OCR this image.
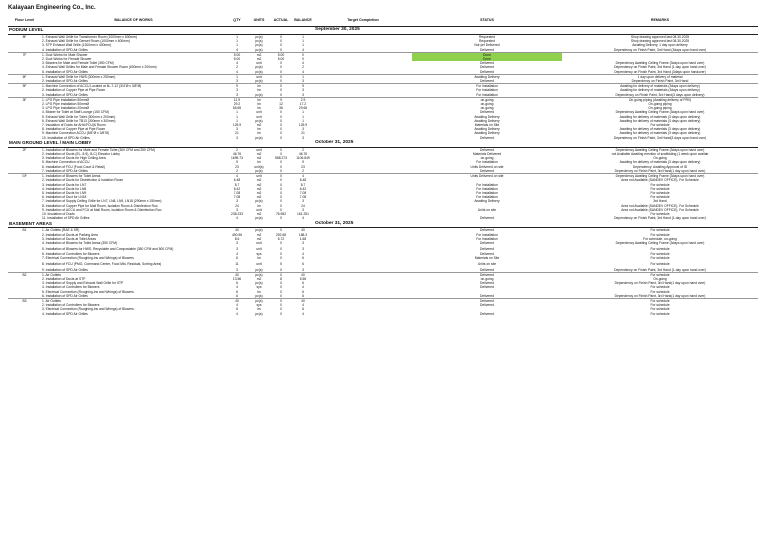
Kalayaan Engineering Co., Inc.
Floor Level	BALANCE OF WORKS	QTY	UNITS	ACTUAL	BALANCE	Target Completion	STATUS	REMARKS
PODIUM LEVEL						September 30, 2025		
8F	1. Exhaust Wall Grille for Transformer Room (1000mm x 600mm)	1	pc(s)	0	1		Requested	Shop drawing approved last 08.30.2025
	2. Exhaust Wall Grille for Genset Room (1000mm x 600mm)	1	pc(s)	0	1		Requested	Shop drawing approved last 08.30.2025
	3. STP Exhaust Wall Grille (1300mm x 400mm)	1	pc(s)	0	1		Not yet Delivered	Awaiting Delivery, 1 day upon delivery
	4. Installation of SPD Air Grilles	4	pc(s)	0	4		Delivered	Dependency on Finish Paint, 3rd Hand (3days upon hand over)
7F	1. Duct Works for Male Shower	5.00	m2	5.00	0		Done	
	2. Duct Works for Female Shower	5.00	m2	5.00	0		Done	
	3. Blowers for Male and Female Toilet (350 CFM)	4	unit	0	4		Delivered	Dependency Awaiting Ceiling Frame (3days upon hand over)
	4. Exhaust Wall Grilles for Male and Female Shower Room (600mm x 200mm)	2	pc(s)	0	2		Delivered	Dependency on Finish Paint, 3rd Hand (1 day upon hand over)
	5. Installation of SPD Air Grilles	4	pc(s)	0	4		Delivered	Dependency on Finish Paint, 3rd Hand (3days upon handover)
6F	1. Exhaust Wall Grille for HWS (300mm x 250mm)	1	unit	0	1		Awaiting Delivery	1 day upon delivery of material
	2. Installation of SPD Air Grilles	3	pc(s)	0	3		Delivered	Dependency on Finish Paint, 3rd Hand
5F	1. Machine Connection of ACCU Located at 6L-7-12 (3/4"Ø x 3/8"Ø)	9	lm	0	9		For Installation	Awaiting for delivery of materials (3days upon delivery)
	2. Installation of Copper Pipe at Pipe Room	3	lm	0	3		For Installation	Awaiting for delivery of materials (3days upon delivery)
	3. Installation of SPD Air Grilles	3	pc(s)	0	3		For Installation	Dependency on Finish Paint, 3rd Hand(3 days upon delivery)
3F	1. LPG Pipe Installation 50mmØ	11.9	lm	9	2.9		on-going	On-going piping (Awaiting delivery of PRV)
	2. LPG Pipe Installation 50mmØ	29.2	lm	12	17.2		on-going	On-going piping
	3. LPG Pipe Installation 20mmØ	65.65	lm	36	29.65		on-going	On-going piping
	4. Blower for Toilet at Staff Lounge (150 CFM)	1	unit	0	1		Delivered	Dependency Awaiting Ceiling Frame (3days upon hand over)
	5. Exhaust Wall Grille for Toilet (300mm x 200mm)	1	unit	0	1		Awaiting Delivery	Awaiting for delivery of materials (3 days upon delivery)
	6. Exhaust Wall Grille for TB13 (300mm x 300mm)	1	pc(s)	0	1		Awaiting Delivery	Awaiting for delivery of materials (3 days upon delivery)
	7. Insulation of Ducts for AHU/FCU(6 Room	125.9	m2	0	125.9		Materials on Site	For schedule
	8. Installation of Copper Pipe at Pipe Room	3	lm	0	3		Awaiting Delivery	Awaiting for delivery of materials (3 days upon delivery)
	9. Machine Connection ACCU (5/8"Ø x 3/8"Ø)	21	lm	0	21		Awaiting Delivery	Awaiting for delivery of materials (3 days upon delivery)
	10. Installation of SPD Air Grilles	3	pc(s)	0	3		Delivered	Dependency on Finish Paint, 3rd Hand(3 days upon hand over)
MAIN GROUND LEVEL / MAIN LOBBY						October 31, 2025		
2F	1. Installation of Blowers for Male and Female Toilet (300 CFM and 250 CFM)	2	unit	0	2		Delivered	Dependency Awaiting Ceiling Frame (3days upon hand over)
	2. Installation of Ducts (EL- 8-9), B-C) Elevator Lobby	46.76	m2	0	46.76		Materials Delivered	not Available Awaiting erection of scaffolding (1 week upon availab
	3. Installation of Ducts for High Ceiling Area	1695.73	m2	588.273	1106.849		on-going	On-going
	5. Machine Connection of ACCU	9	lm	0	9		For Installation	Awaiting for delivery of materials (3 days upon delivery)
	6. Installation of FCU (Food Court & Retail)	23	unit(s)	0	23		Units Delivered on site	Dependency: Awaiting Approval of ID
	7. Installation of SPD Air Grilles	2	pc(s)	0	2		Delivered	Dependency on Finish Paint, 3rd Hand(1 day upon hand over)
GF	1. Installation of Blowers for Toilet Areas	4	unit	0	4		Units Delivered on site	Dependency Awaiting Ceiling Frame (3days upon hand over)
	2. Installation of Ducts for Disinfection & Isolation Room	6.48	m2	0	6.48			Area not Available (SANDEV OFFICE), For Schedule
	3. Installation of Ducts for LN7	8.7	m2	0	8.7		For Installation	For schedule
	4. Installation of Ducts for LN8	6.42	m2	0	6.42		For Installation	For schedule
	5. Installation of Ducts for LN9	7.08	m2	0	7.08		For Installation	For schedule
	6. Installation of Duct for LN18	7.08	m2	0	7.08		For Installation	For schedule
	7. Installation of Supply Ceiling Grille for LN7, LN8, LN9, LN18 (290mm x 150mm)	3	pc(s)	0	3		Awaiting Delivery	3rd Hand
	8. Installation of Copper Pipe for Mail Room, Isolation Room & Disinfection Roo	24	lm	0	24			Area not Available (SANDEV OFFICE), For Schedule
	9. Installation of ACCU and FCU at Mail Room, Isolation Room & Disinfection Roo	3	unit	0	3		Units on site	Area not Available (SANDEV OFFICE), For Schedule
	10. Insulation of Ducts	238.233	m2	76.982	161.251			For schedule
	11. Installation of SPD Air Grilles	4	pc(s)	0	4		Delivered	Dependency on Finish Paint, 3rd Hand (1 day upon hand over)
BASEMENT AREAS						October 31, 2025		
B1	1. Air Outlets (RAE & SR)	40	pc(s)	0	40		Delivered	For schedule
	2. Installation of Ducts at Parking Area	490.96	m2	292.68	188.3		For Installation	For schedule
	3. Installation of Ducts at Toilet Areas	8.6	m2	6.72	1.68		For Installation	For schedule, on-going
	4. Installation of Blowers for Toilet Areas (350 CFM)	3	unit	0	3		Delivered	Dependency Awaiting Ceiling Frame (3days upon hand over)
	5. Installation of Blowers for HWS, Recyclable and Compostable (350 CFM and 500 CFM)	3	unit	0	3		Delivered	For schedule
	6. Installation of Controllers for Blowers	4	sys	0	4		Delivered	For schedule
	7. Electrical Connection (Roughing-ins and Wirings) of Blowers	6	lm	0	6		Materials on Site	For schedule
	8. Installation of FCU (PMO, Command Center, Food Mkt, Residual, Sorting Area)	11	unit	5	6		Units on site	For schedule
	9. Installation of SPD Air Grilles	3	pc(s)	0	3		Delivered	Dependency on Finish Paint, 3rd Hand (1 day upon hand over)
B2	1. Air Outlets	40	pc(s)	0	40		Delivered	For schedule
	2. Installation of Ducts at STP	13.56	m2	8	5.56		on-going	On-going
	3. Installation of Supply and Exhaust Wall Grille for STP	6	pc(s)	0	6		Delivered	Dependency on Finish Paint, 3rd Hand(1 day upon hand over)
	4. Installation of Controllers for Blowers	4	sys	0	4		Delivered	For schedule
	5. Electrical Connection (Roughing-ins and Wirings) of Blowers	6	lm	0	6			For schedule
	6. Installation of SPD Air Grilles	6	pc(s)	0	6		Delivered	Dependency on Finish Paint, 3rd Hand(1 day upon hand over)
B3	1. Air Outlets	40	pc(s)	0	40		Delivered	For schedule
	2. Installation of Controllers for Blowers	4	sys	0	4		Delivered	For schedule
	3. Electrical Connection (Roughing-ins and Wirings) of Blowers	6	lm	0	6			For schedule
	4. Installation of SPD Air Grilles	4	pc(s)	0	4		Delivered	For schedule
